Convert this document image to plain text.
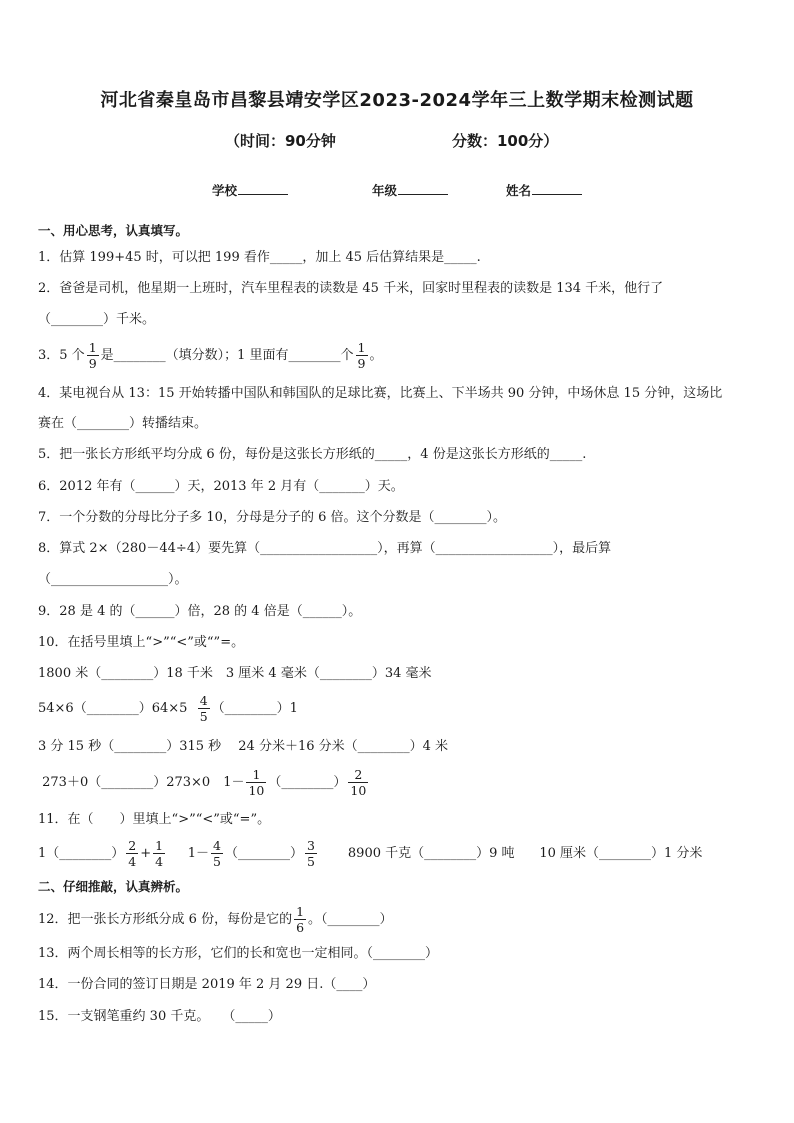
河北省秦皇岛市昌黎县靖安学区2023-2024学年三上数学期末检测试题
（时间：90分钟	分数：100分）
学校	年级	姓名
一、用心思考，认真填写。
1．估算 199+45 时，可以把 199 看作_____，加上 45 后估算结果是_____.
2．爸爸是司机，他星期一上班时，汽车里程表的读数是 45 千米，回家时里程表的读数是 134 千米，他行了
（________）千米。
3．5 个 $\frac{1}{9}$ 是________（填分数）；1 里面有________个 $\frac{1}{9}$ 。
4．某电视台从 13：15 开始转播中国队和韩国队的足球比赛，比赛上、下半场共 90 分钟，中场休息 15 分钟，这场比
赛在（________）转播结束。
5．把一张长方形纸平均分成 6 份，每份是这张长方形纸的_____，4 份是这张长方形纸的_____.
6．2012 年有（______）天，2013 年 2 月有（_______）天。
7．一个分数的分母比分子多 10，分母是分子的 6 倍。这个分数是（________）。
8．算式 2×（280－44÷4）要先算（__________________），再算（__________________），最后算
（__________________）。
9．28 是 4 的（______）倍，28 的 4 倍是（______）。
10．在括号里填上“>”“<”或“”=。
1800 米（________）18 千米　3 厘米 4 毫米（________）34 毫米
54×6（________）64×5 $\frac{4}{5}$ （________）1
3 分 15 秒（________）315 秒　 24 分米＋16 分米（________）4 米
273＋0（________）273×0　$1- \frac{1}{10}$ （________） $\frac{2}{10}$
11．在（　　）里填上“>”“<”或“=”。
1（________） $\frac{2}{4} + \frac{1}{4} 1- \frac{4}{5}$ （________） $\frac{3}{5} 8900$ 千克（________）9 吨 10 厘米（________）1 分米
二、仔细推敲，认真辨析。
12．把一张长方形纸分成 6 份，每份是它的 $\frac{1}{6}$ 。（________）
13．两个周长相等的长方形，它们的长和宽也一定相同。（________）
14．一份合同的签订日期是 2019 年 2 月 29 日.（____）
15．一支钢笔重约 30 千克。　　（_____）
